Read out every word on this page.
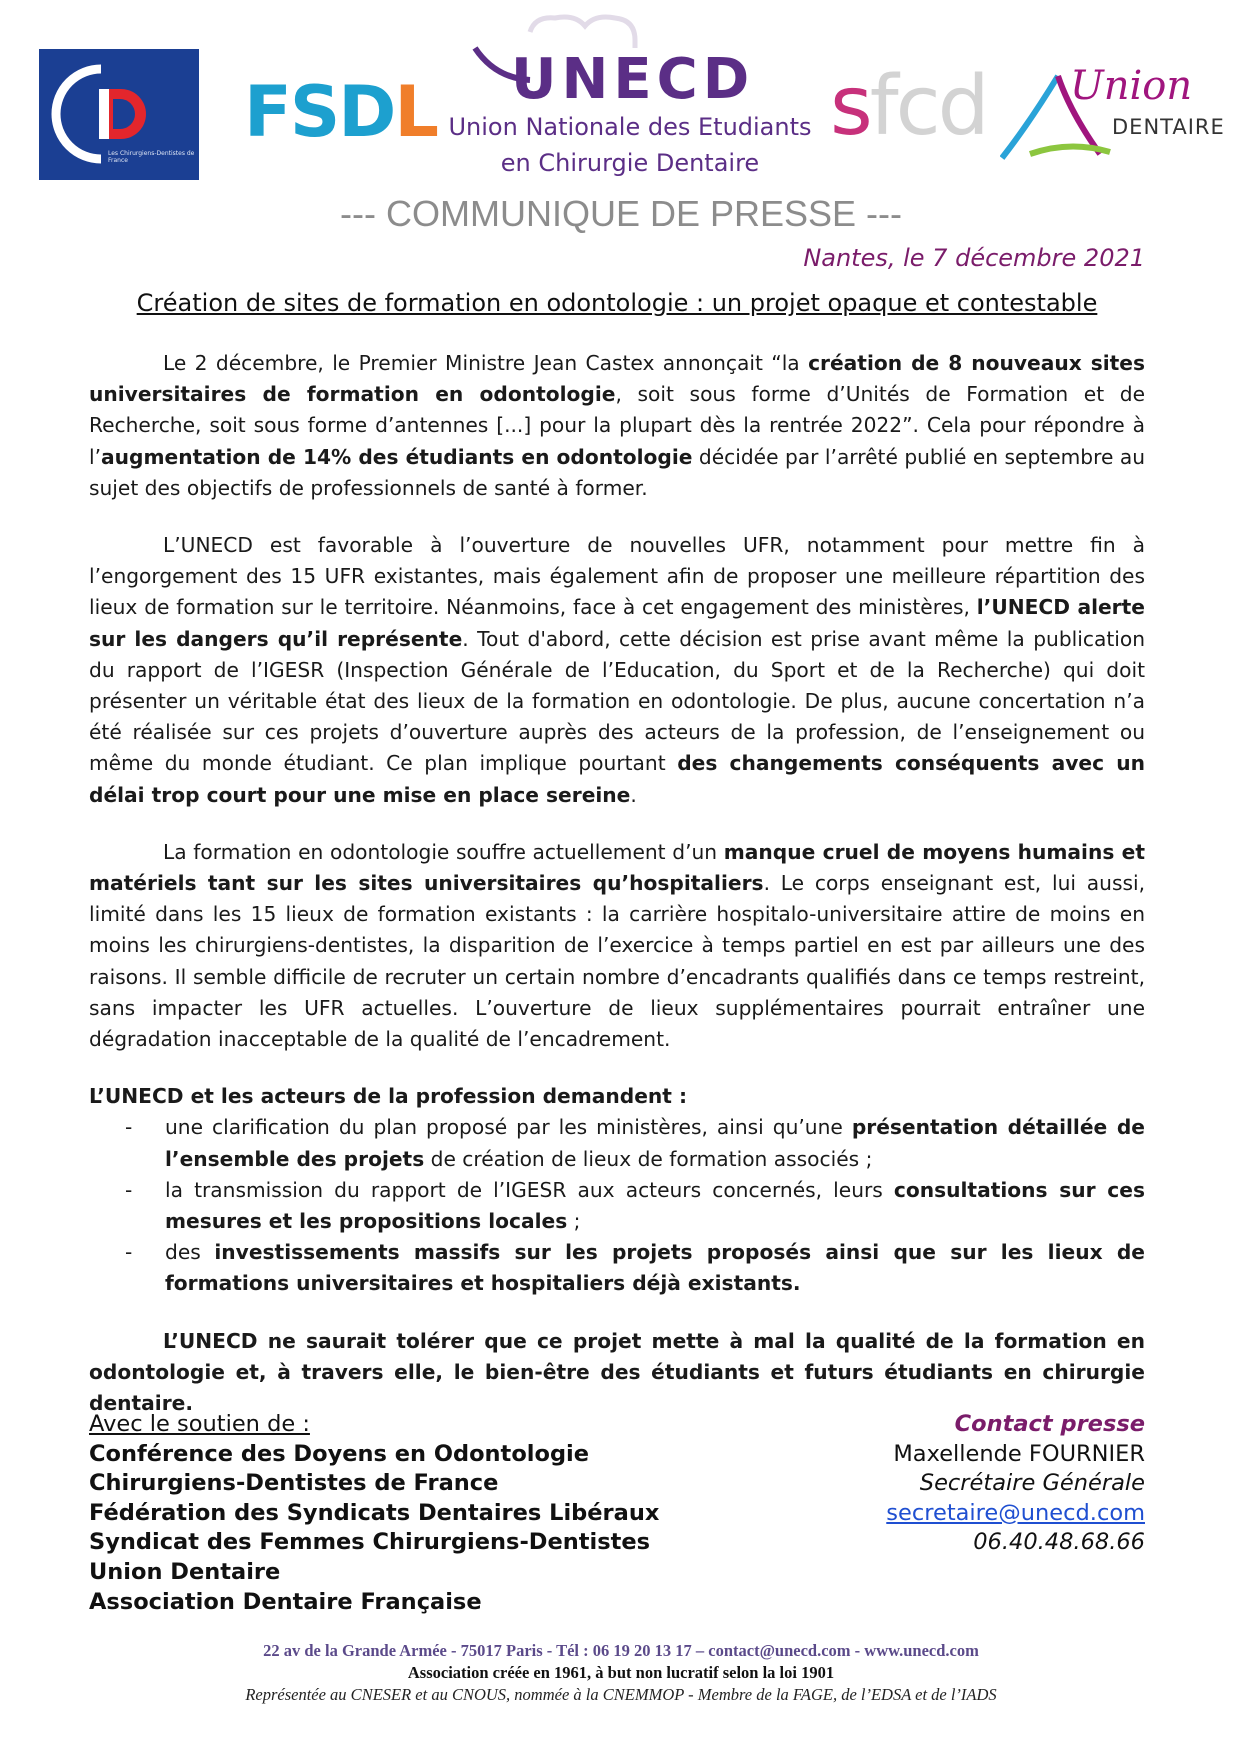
Les Chirurgiens-Dentistes de France
FSDL UNECD
Union Nationale des Etudiants
en Chirurgie Dentaire
sfcd Union
DENTAIRE
--- COMMUNIQUE DE PRESSE ---
Nantes, le 7 décembre 2021
Création de sites de formation en odontologie : un projet opaque et contestable

Le 2 décembre, le Premier Ministre Jean Castex annonçait “la création de 8 nouveaux sites universitaires de formation en odontologie, soit sous forme d’Unités de Formation et de Recherche, soit sous forme d’antennes [...] pour la plupart dès la rentrée 2022”. Cela pour répondre à l’augmentation de 14% des étudiants en odontologie décidée par l’arrêté publié en septembre au sujet des objectifs de professionnels de santé à former.

L’UNECD est favorable à l’ouverture de nouvelles UFR, notamment pour mettre fin à l’engorgement des 15 UFR existantes, mais également afin de proposer une meilleure répartition des lieux de formation sur le territoire. Néanmoins, face à cet engagement des ministères, l’UNECD alerte sur les dangers qu’il représente. Tout d'abord, cette décision est prise avant même la publication du rapport de l’IGESR (Inspection Générale de l’Education, du Sport et de la Recherche) qui doit présenter un véritable état des lieux de la formation en odontologie. De plus, aucune concertation n’a été réalisée sur ces projets d’ouverture auprès des acteurs de la profession, de l’enseignement ou même du monde étudiant. Ce plan implique pourtant des changements conséquents avec un délai trop court pour une mise en place sereine.

La formation en odontologie souffre actuellement d’un manque cruel de moyens humains et matériels tant sur les sites universitaires qu’hospitaliers. Le corps enseignant est, lui aussi, limité dans les 15 lieux de formation existants : la carrière hospitalo-universitaire attire de moins en moins les chirurgiens-dentistes, la disparition de l’exercice à temps partiel en est par ailleurs une des raisons. Il semble difficile de recruter un certain nombre d’encadrants qualifiés dans ce temps restreint, sans impacter les UFR actuelles. L’ouverture de lieux supplémentaires pourrait entraîner une dégradation inacceptable de la qualité de l’encadrement.

L’UNECD et les acteurs de la profession demandent :

- une clarification du plan proposé par les ministères, ainsi qu’une présentation détaillée de l’ensemble des projets de création de lieux de formation associés ;
- la transmission du rapport de l’IGESR aux acteurs concernés, leurs consultations sur ces mesures et les propositions locales ;
- des investissements massifs sur les projets proposés ainsi que sur les lieux de formations universitaires et hospitaliers déjà existants.

L’UNECD ne saurait tolérer que ce projet mette à mal la qualité de la formation en odontologie et, à travers elle, le bien-être des étudiants et futurs étudiants en chirurgie dentaire.

Avec le soutien de :
Conférence des Doyens en Odontologie
Chirurgiens-Dentistes de France
Fédération des Syndicats Dentaires Libéraux
Syndicat des Femmes Chirurgiens-Dentistes
Union Dentaire
Association Dentaire Française
Contact presse
Maxellende FOURNIER
Secrétaire Générale
secretaire@unecd.com
06.40.48.68.66
22 av de la Grande Armée - 75017 Paris - Tél : 06 19 20 13 17 – contact@unecd.com - www.unecd.com
Association créée en 1961, à but non lucratif selon la loi 1901
Représentée au CNESER et au CNOUS, nommée à la CNEMMOP - Membre de la FAGE, de l’EDSA et de l’IADS
